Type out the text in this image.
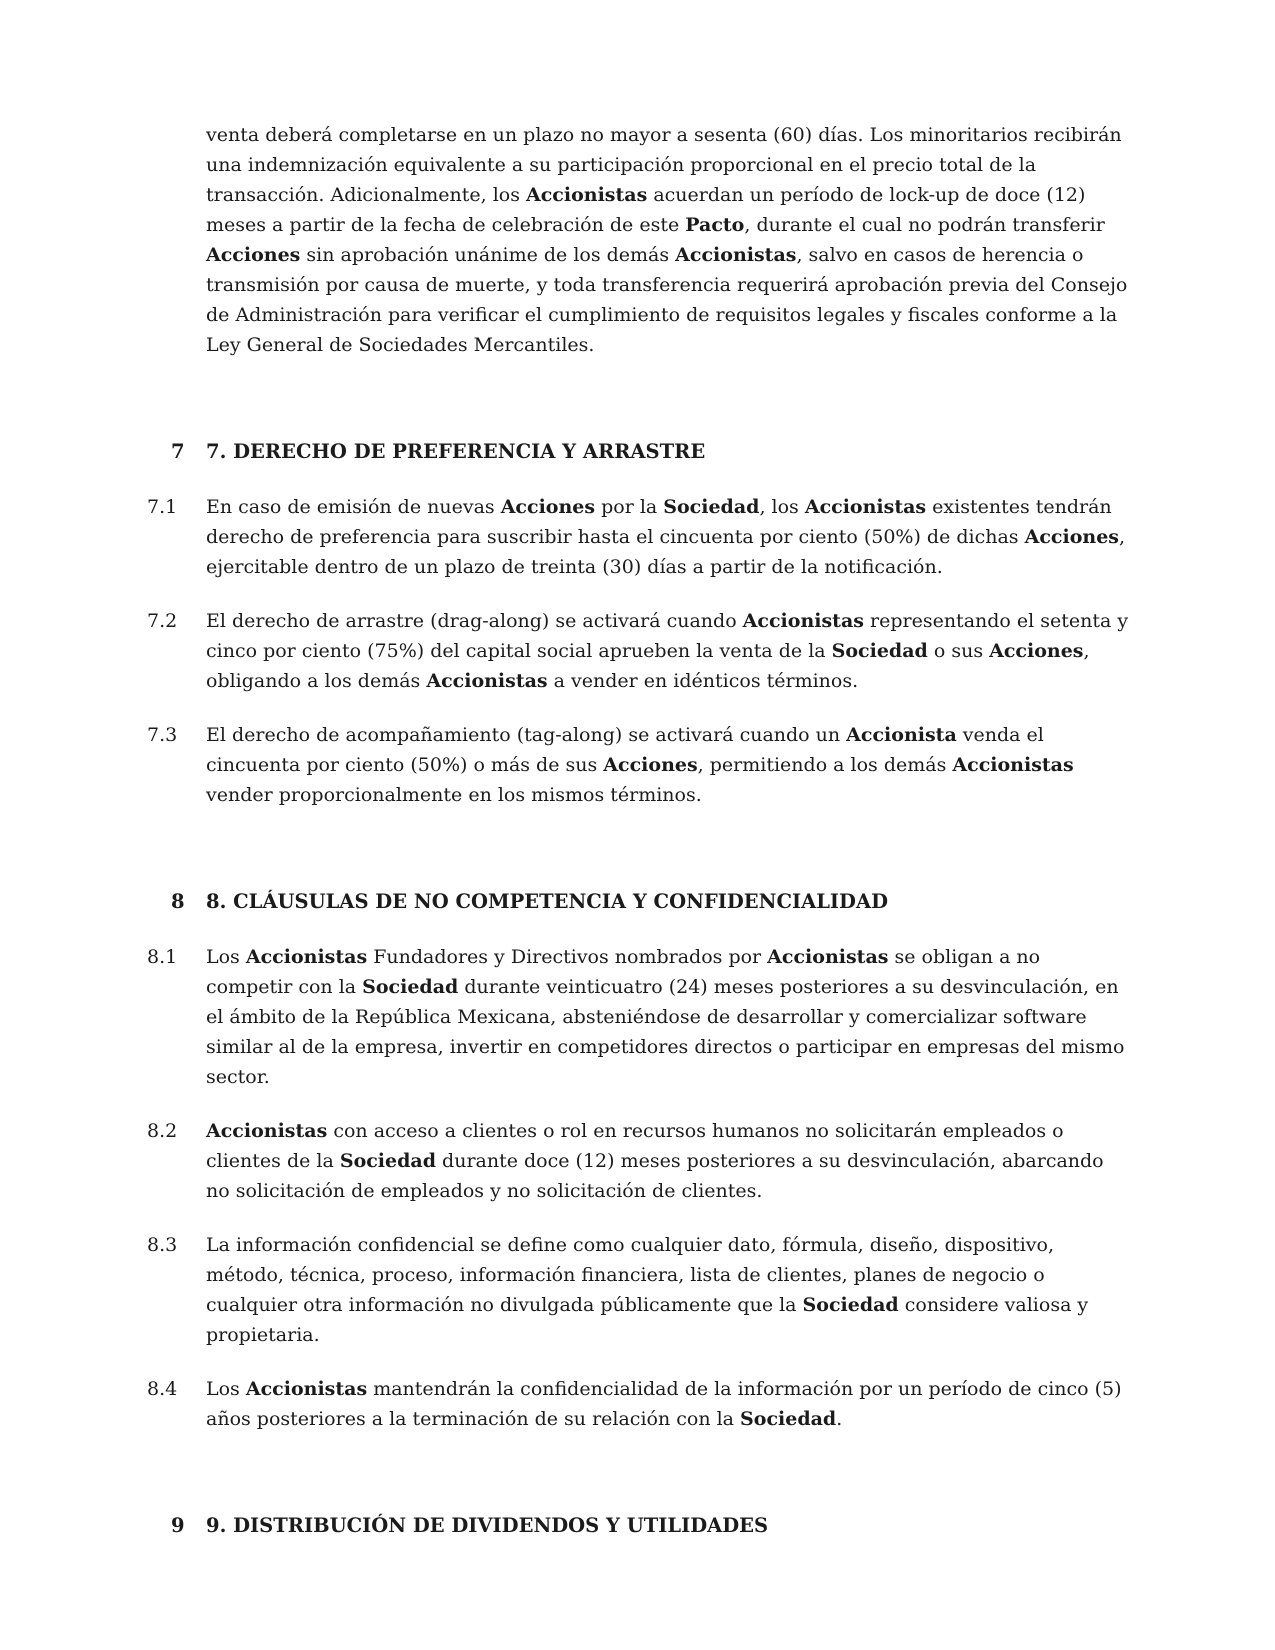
venta deberá completarse en un plazo no mayor a sesenta (60) días. Los minoritarios recibirán una indemnización equivalente a su participación proporcional en el precio total de la transacción. Adicionalmente, los Accionistas acuerdan un período de lock-up de doce (12) meses a partir de la fecha de celebración de este Pacto, durante el cual no podrán transferir Acciones sin aprobación unánime de los demás Accionistas, salvo en casos de herencia o transmisión por causa de muerte, y toda transferencia requerirá aprobación previa del Consejo de Administración para verificar el cumplimiento de requisitos legales y fiscales conforme a la Ley General de Sociedades Mercantiles.

7 7. DERECHO DE PREFERENCIA Y ARRASTRE
7.1 En caso de emisión de nuevas Acciones por la Sociedad, los Accionistas existentes tendrán derecho de preferencia para suscribir hasta el cincuenta por ciento (50%) de dichas Acciones, ejercitable dentro de un plazo de treinta (30) días a partir de la notificación.

7.2 El derecho de arrastre (drag-along) se activará cuando Accionistas representando el setenta y cinco por ciento (75%) del capital social aprueben la venta de la Sociedad o sus Acciones, obligando a los demás Accionistas a vender en idénticos términos.

7.3 El derecho de acompañamiento (tag-along) se activará cuando un Accionista venda el cincuenta por ciento (50%) o más de sus Acciones, permitiendo a los demás Accionistas vender proporcionalmente en los mismos términos.

8 8. CLÁUSULAS DE NO COMPETENCIA Y CONFIDENCIALIDAD
8.1 Los Accionistas Fundadores y Directivos nombrados por Accionistas se obligan a no competir con la Sociedad durante veinticuatro (24) meses posteriores a su desvinculación, en el ámbito de la República Mexicana, absteniéndose de desarrollar y comercializar software similar al de la empresa, invertir en competidores directos o participar en empresas del mismo sector.

8.2 Accionistas con acceso a clientes o rol en recursos humanos no solicitarán empleados o clientes de la Sociedad durante doce (12) meses posteriores a su desvinculación, abarcando no solicitación de empleados y no solicitación de clientes.

8.3 La información confidencial se define como cualquier dato, fórmula, diseño, dispositivo, método, técnica, proceso, información financiera, lista de clientes, planes de negocio o cualquier otra información no divulgada públicamente que la Sociedad considere valiosa y propietaria.

8.4 Los Accionistas mantendrán la confidencialidad de la información por un período de cinco (5) años posteriores a la terminación de su relación con la Sociedad.

9 9. DISTRIBUCIÓN DE DIVIDENDOS Y UTILIDADES
